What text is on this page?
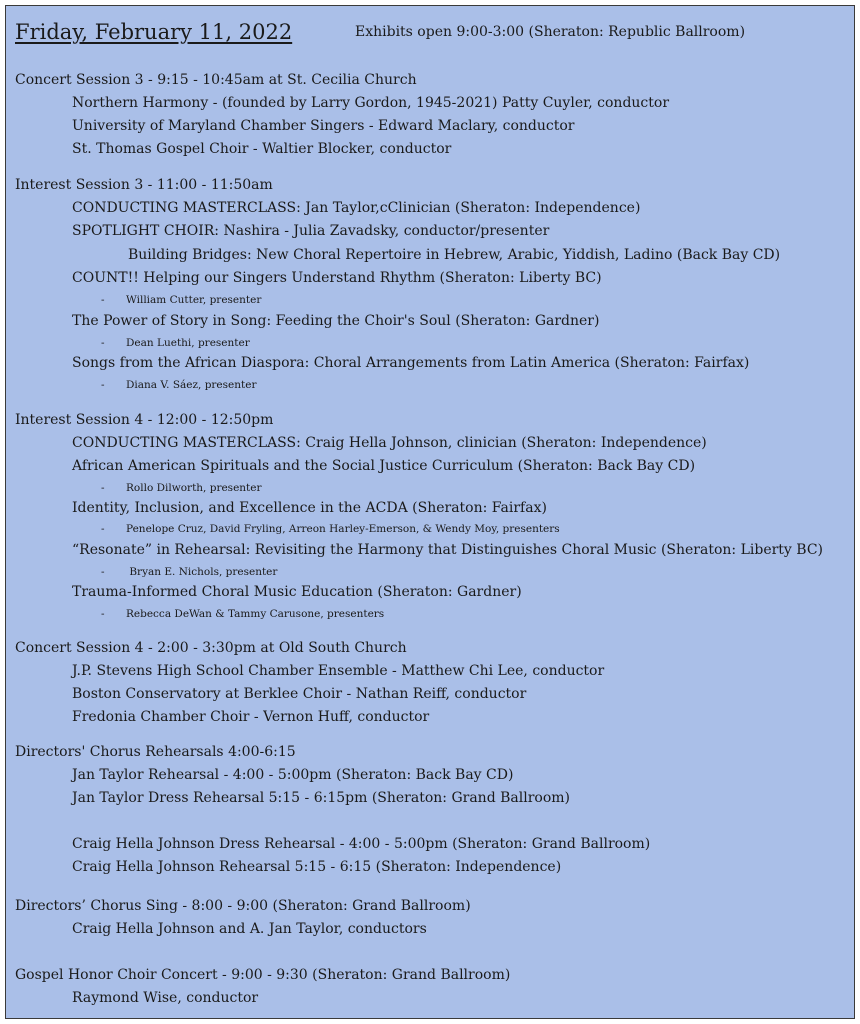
Friday, February 11, 2022	Exhibits open 9:00-3:00 (Sheraton: Republic Ballroom)
Concert Session 3 - 9:15 - 10:45am at St. Cecilia Church
Northern Harmony - (founded by Larry Gordon, 1945-2021) Patty Cuyler, conductor
University of Maryland Chamber Singers - Edward Maclary, conductor
St. Thomas Gospel Choir - Waltier Blocker, conductor
Interest Session 3 - 11:00 - 11:50am
CONDUCTING MASTERCLASS: Jan Taylor,cClinician (Sheraton: Independence)
SPOTLIGHT CHOIR: Nashira - Julia Zavadsky, conductor/presenter
Building Bridges: New Choral Repertoire in Hebrew, Arabic, Yiddish, Ladino (Back Bay CD)
COUNT!! Helping our Singers Understand Rhythm (Sheraton: Liberty BC)
- William Cutter, presenter
The Power of Story in Song: Feeding the Choir's Soul (Sheraton: Gardner)
- Dean Luethi, presenter
Songs from the African Diaspora: Choral Arrangements from Latin America (Sheraton: Fairfax)
- Diana V. Sáez, presenter
Interest Session 4 - 12:00 - 12:50pm
CONDUCTING MASTERCLASS: Craig Hella Johnson, clinician (Sheraton: Independence)
African American Spirituals and the Social Justice Curriculum (Sheraton: Back Bay CD)
- Rollo Dilworth, presenter
Identity, Inclusion, and Excellence in the ACDA (Sheraton: Fairfax)
- Penelope Cruz, David Fryling, Arreon Harley-Emerson, & Wendy Moy, presenters
“Resonate” in Rehearsal: Revisiting the Harmony that Distinguishes Choral Music (Sheraton: Liberty BC)
- Bryan E. Nichols, presenter
Trauma-Informed Choral Music Education (Sheraton: Gardner)
- Rebecca DeWan & Tammy Carusone, presenters
Concert Session 4 - 2:00 - 3:30pm at Old South Church
J.P. Stevens High School Chamber Ensemble - Matthew Chi Lee, conductor
Boston Conservatory at Berklee Choir - Nathan Reiff, conductor
Fredonia Chamber Choir - Vernon Huff, conductor
Directors' Chorus Rehearsals 4:00-6:15
Jan Taylor Rehearsal - 4:00 - 5:00pm (Sheraton: Back Bay CD)
Jan Taylor Dress Rehearsal 5:15 - 6:15pm (Sheraton: Grand Ballroom)
Craig Hella Johnson Dress Rehearsal - 4:00 - 5:00pm (Sheraton: Grand Ballroom)
Craig Hella Johnson Rehearsal 5:15 - 6:15 (Sheraton: Independence)
Directors’ Chorus Sing - 8:00 - 9:00 (Sheraton: Grand Ballroom)
Craig Hella Johnson and A. Jan Taylor, conductors
Gospel Honor Choir Concert - 9:00 - 9:30 (Sheraton: Grand Ballroom)
Raymond Wise, conductor
